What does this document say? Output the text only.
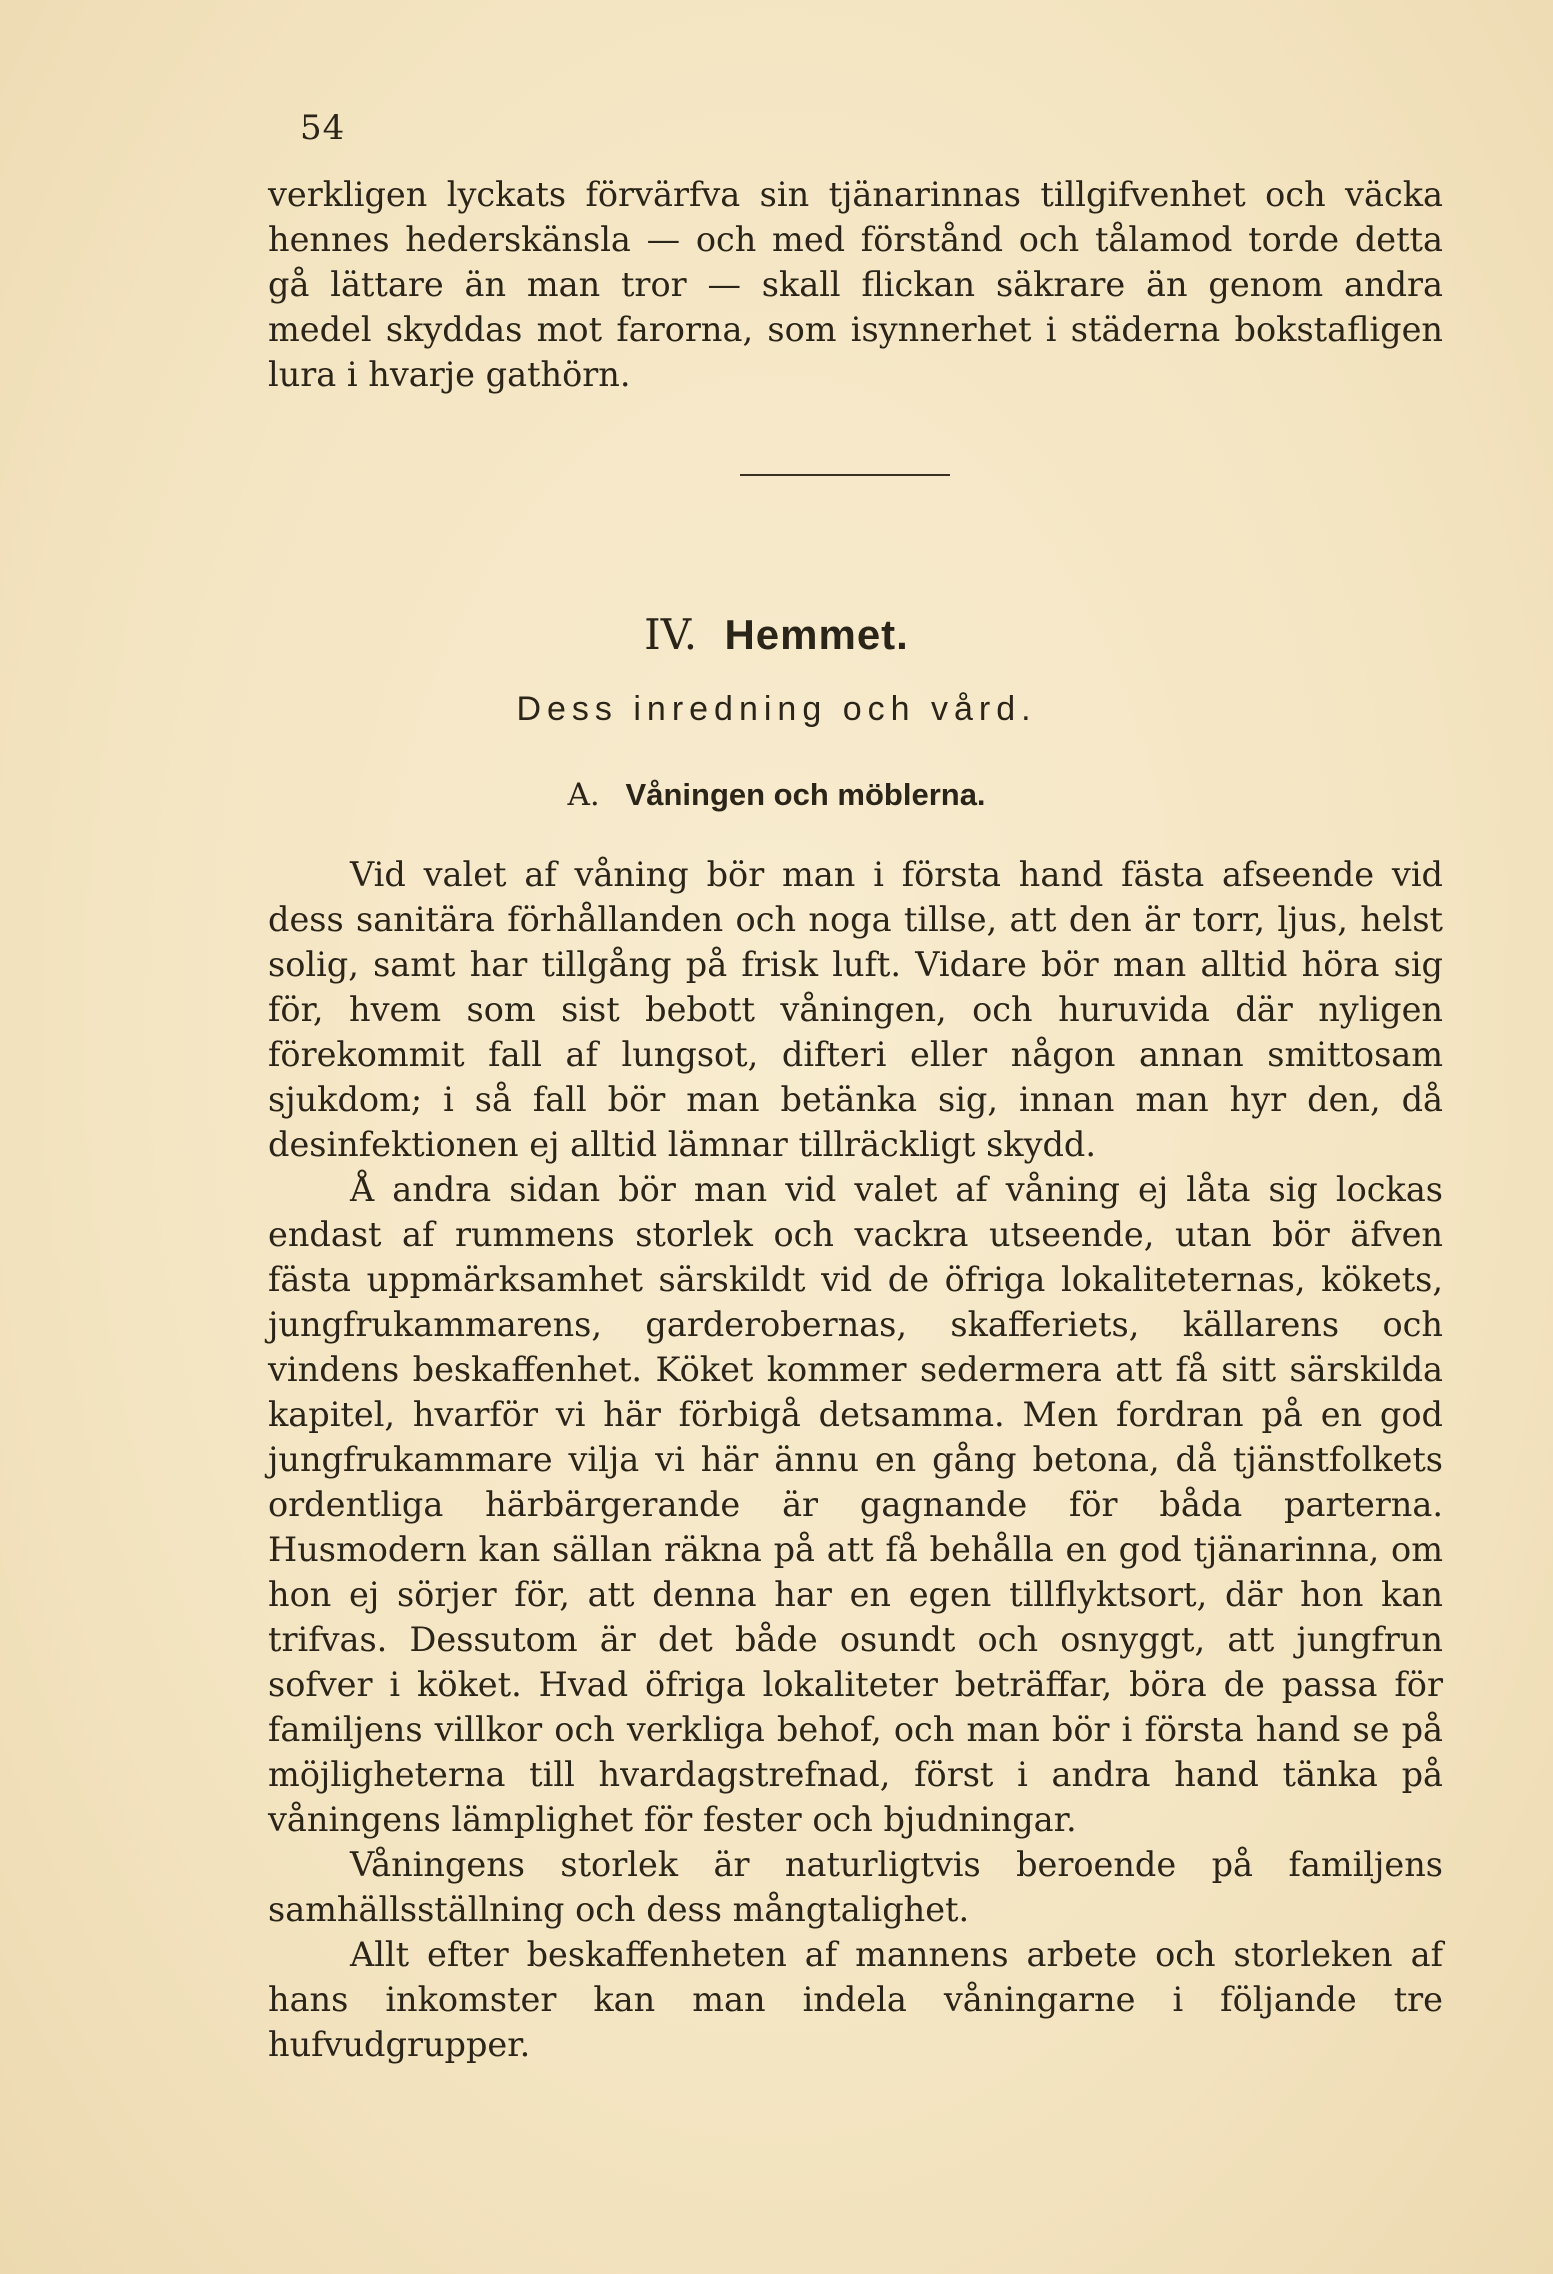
54

verkligen lyckats förvärfva sin tjänarinnas tillgifvenhet och väcka hennes hederskänsla — och med förstånd och tålamod torde detta gå lättare än man tror — skall flickan säkrare än genom andra medel skyddas mot farorna, som isynnerhet i städerna bokstafligen lura i hvarje gathörn.

IV. Hemmet.
Dess inredning och vård.
A. Våningen och möblerna.

Vid valet af våning bör man i första hand fästa afseende vid dess sanitära förhållanden och noga tillse, att den är torr, ljus, helst solig, samt har tillgång på frisk luft. Vidare bör man alltid höra sig för, hvem som sist bebott våningen, och huruvida där nyligen förekommit fall af lungsot, difteri eller någon annan smittosam sjukdom; i så fall bör man betänka sig, innan man hyr den, då desinfektionen ej alltid lämnar tillräckligt skydd.

Å andra sidan bör man vid valet af våning ej låta sig lockas endast af rummens storlek och vackra utseende, utan bör äfven fästa uppmärksamhet särskildt vid de öfriga lokaliteternas, kökets, jungfrukammarens, garderobernas, skafferiets, källarens och vindens beskaffenhet. Köket kommer sedermera att få sitt särskilda kapitel, hvarför vi här förbigå detsamma. Men fordran på en god jungfrukammare vilja vi här ännu en gång betona, då tjänstfolkets ordentliga härbärgerande är gagnande för båda parterna. Husmodern kan sällan räkna på att få behålla en god tjänarinna, om hon ej sörjer för, att denna har en egen tillflyktsort, där hon kan trifvas. Dessutom är det både osundt och osnyggt, att jungfrun sofver i köket. Hvad öfriga lokaliteter beträffar, böra de passa för familjens villkor och verkliga behof, och man bör i första hand se på möjligheterna till hvardagstrefnad, först i andra hand tänka på våningens lämplighet för fester och bjudningar.

Våningens storlek är naturligtvis beroende på familjens samhällsställning och dess mångtalighet.

Allt efter beskaffenheten af mannens arbete och storleken af hans inkomster kan man indela våningarne i följande tre hufvudgrupper.
